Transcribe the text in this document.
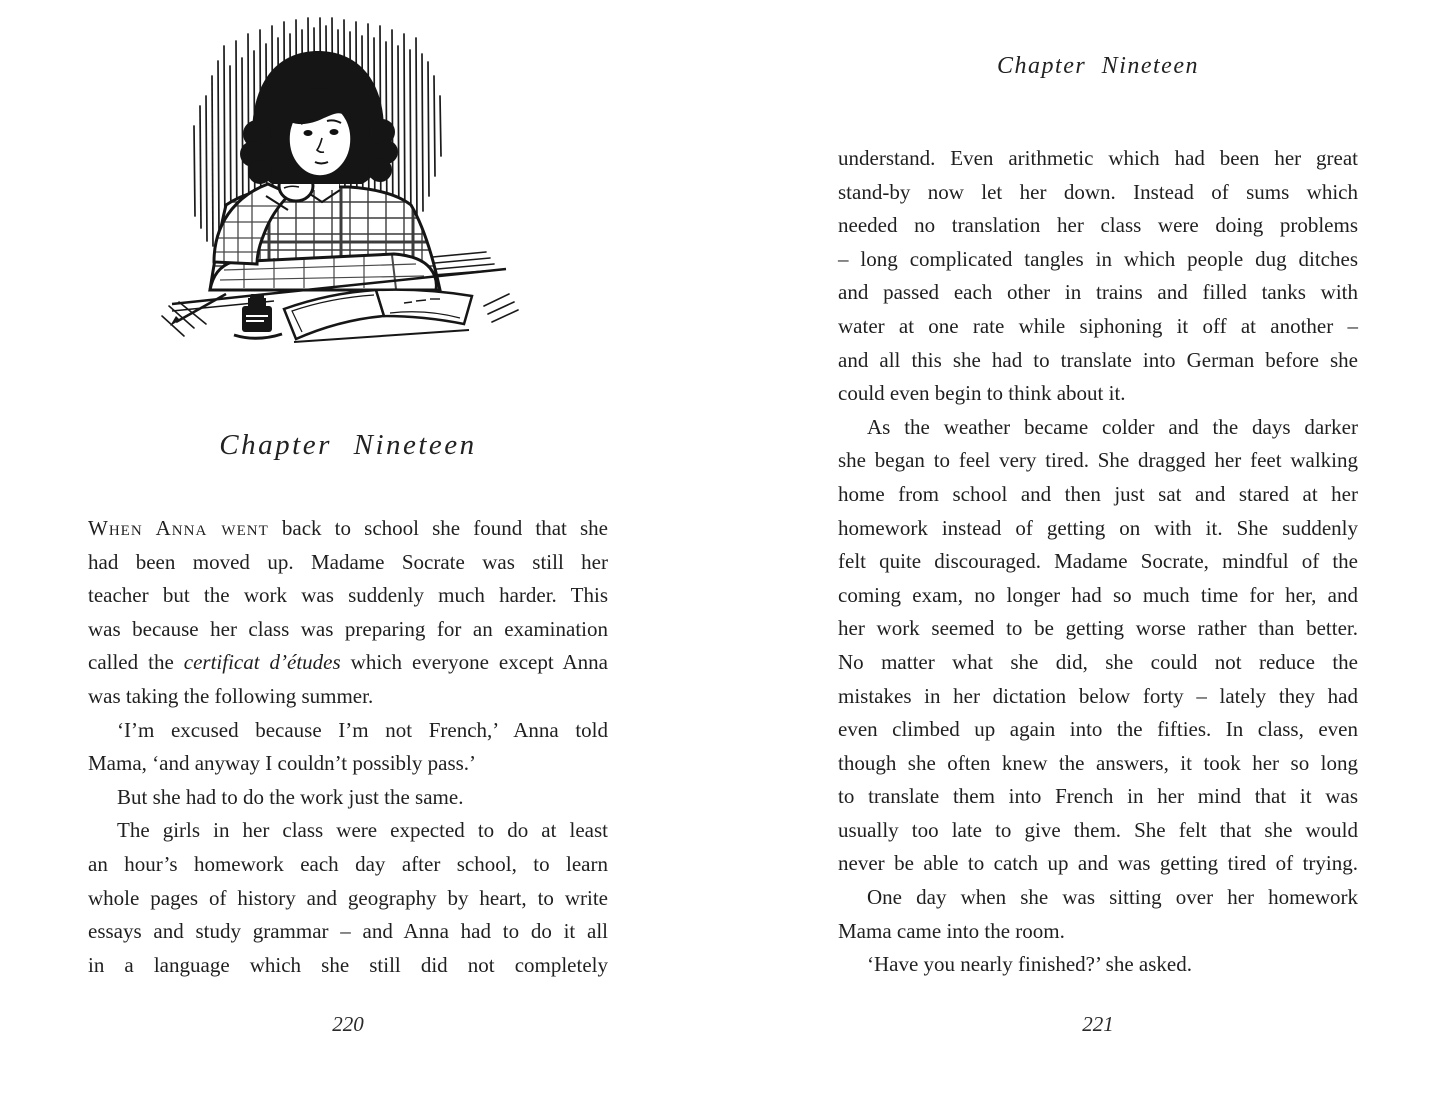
Chapter Nineteen

When Anna went back to school she found that she
had been moved up. Madame Socrate was still her
teacher but the work was suddenly much harder. This
was because her class was preparing for an examination
called the certificat d’études which everyone except Anna
was taking the following summer.

‘I’m excused because I’m not French,’ Anna told
Mama, ‘and anyway I couldn’t possibly pass.’

But she had to do the work just the same.

The girls in her class were expected to do at least
an hour’s homework each day after school, to learn
whole pages of history and geography by heart, to write
essays and study grammar – and Anna had to do it all
in a language which she still did not completely

220
Chapter Nineteen

understand. Even arithmetic which had been her great
stand-by now let her down. Instead of sums which
needed no translation her class were doing problems
– long complicated tangles in which people dug ditches
and passed each other in trains and filled tanks with
water at one rate while siphoning it off at another –
and all this she had to translate into German before she
could even begin to think about it.

As the weather became colder and the days darker
she began to feel very tired. She dragged her feet walking
home from school and then just sat and stared at her
homework instead of getting on with it. She suddenly
felt quite discouraged. Madame Socrate, mindful of the
coming exam, no longer had so much time for her, and
her work seemed to be getting worse rather than better.
No matter what she did, she could not reduce the
mistakes in her dictation below forty – lately they had
even climbed up again into the fifties. In class, even
though she often knew the answers, it took her so long
to translate them into French in her mind that it was
usually too late to give them. She felt that she would
never be able to catch up and was getting tired of trying.

One day when she was sitting over her homework
Mama came into the room.

‘Have you nearly finished?’ she asked.

221
